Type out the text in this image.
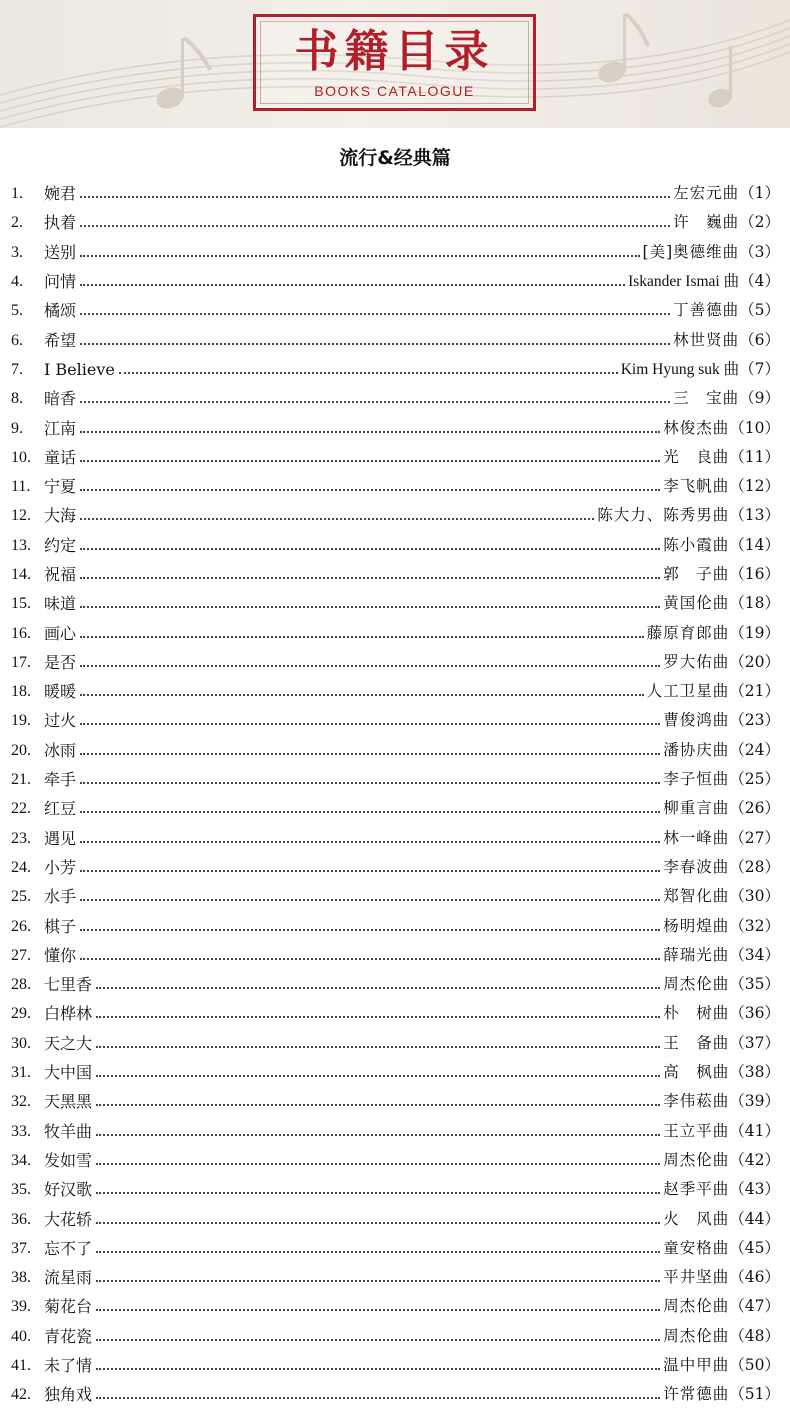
书籍目录
BOOKS CATALOGUE
流行&经典篇
1.	婉君	左宏元曲 （1）
2.	执着	许　巍曲 （2）
3.	送别	[美]奥德维曲 （3）
4.	问情	Iskander Ismai 曲 （4）
5.	橘颂	丁善德曲 （5）
6.	希望	林世贤曲 （6）
7.	I Believe	Kim Hyung suk 曲 （7）
8.	暗香	三　宝曲 （9）
9.	江南	林俊杰曲 （10）
10. 童话	光　良曲 （11）
11. 宁夏	李飞帆曲 （12）
12. 大海	陈大力、陈秀男曲 （13）
13. 约定	陈小霞曲 （14）
14. 祝福	郭　子曲 （16）
15. 味道	黄国伦曲 （18）
16. 画心	藤原育郎曲 （19）
17. 是否	罗大佑曲 （20）
18. 暖暖	人工卫星曲 （21）
19. 过火	曹俊鸿曲 （23）
20. 冰雨	潘协庆曲 （24）
21. 牵手	李子恒曲 （25）
22. 红豆	柳重言曲 （26）
23. 遇见	林一峰曲 （27）
24. 小芳	李春波曲 （28）
25. 水手	郑智化曲 （30）
26. 棋子	杨明煌曲 （32）
27. 懂你	薛瑞光曲 （34）
28. 七里香	周杰伦曲 （35）
29. 白桦林	朴　树曲 （36）
30. 天之大	王　备曲 （37）
31. 大中国	高　枫曲 （38）
32. 天黑黑	李伟菘曲 （39）
33. 牧羊曲	王立平曲 （41）
34. 发如雪	周杰伦曲 （42）
35. 好汉歌	赵季平曲 （43）
36. 大花轿	火　风曲 （44）
37. 忘不了	童安格曲 （45）
38. 流星雨	平井坚曲 （46）
39. 菊花台	周杰伦曲 （47）
40. 青花瓷	周杰伦曲 （48）
41. 未了情	温中甲曲 （50）
42. 独角戏	许常德曲 （51）
